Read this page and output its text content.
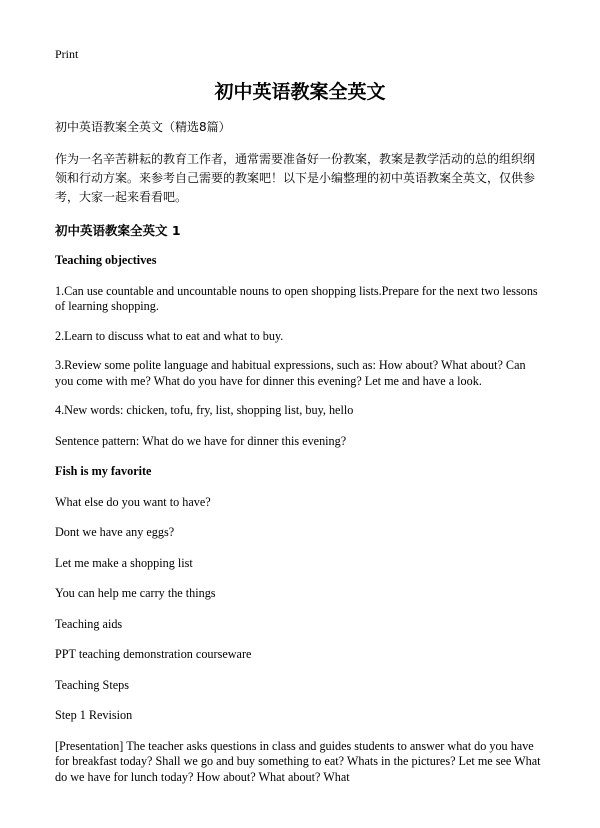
Print
初中英语教案全英文

初中英语教案全英文（精选8篇）

作为一名辛苦耕耘的教育工作者，通常需要准备好一份教案，教案是教学活动的总的组织纲领和行动方案。来参考自己需要的教案吧！以下是小编整理的初中英语教案全英文，仅供参考，大家一起来看看吧。

初中英语教案全英文 1

Teaching objectives

1.Can use countable and uncountable nouns to open shopping lists.Prepare for the next two lessons of learning shopping.

2.Learn to discuss what to eat and what to buy.

3.Review some polite language and habitual expressions, such as: How about? What about? Can you come with me? What do you have for dinner this evening? Let me and have a look.

4.New words: chicken, tofu, fry, list, shopping list, buy, hello

Sentence pattern: What do we have for dinner this evening?

Fish is my favorite

What else do you want to have?

Dont we have any eggs?

Let me make a shopping list

You can help me carry the things

Teaching aids

PPT teaching demonstration courseware

Teaching Steps

Step 1 Revision

[Presentation] The teacher asks questions in class and guides students to answer what do you have for breakfast today? Shall we go and buy something to eat? Whats in the pictures? Let me see What do we have for lunch today? How about? What about? What
